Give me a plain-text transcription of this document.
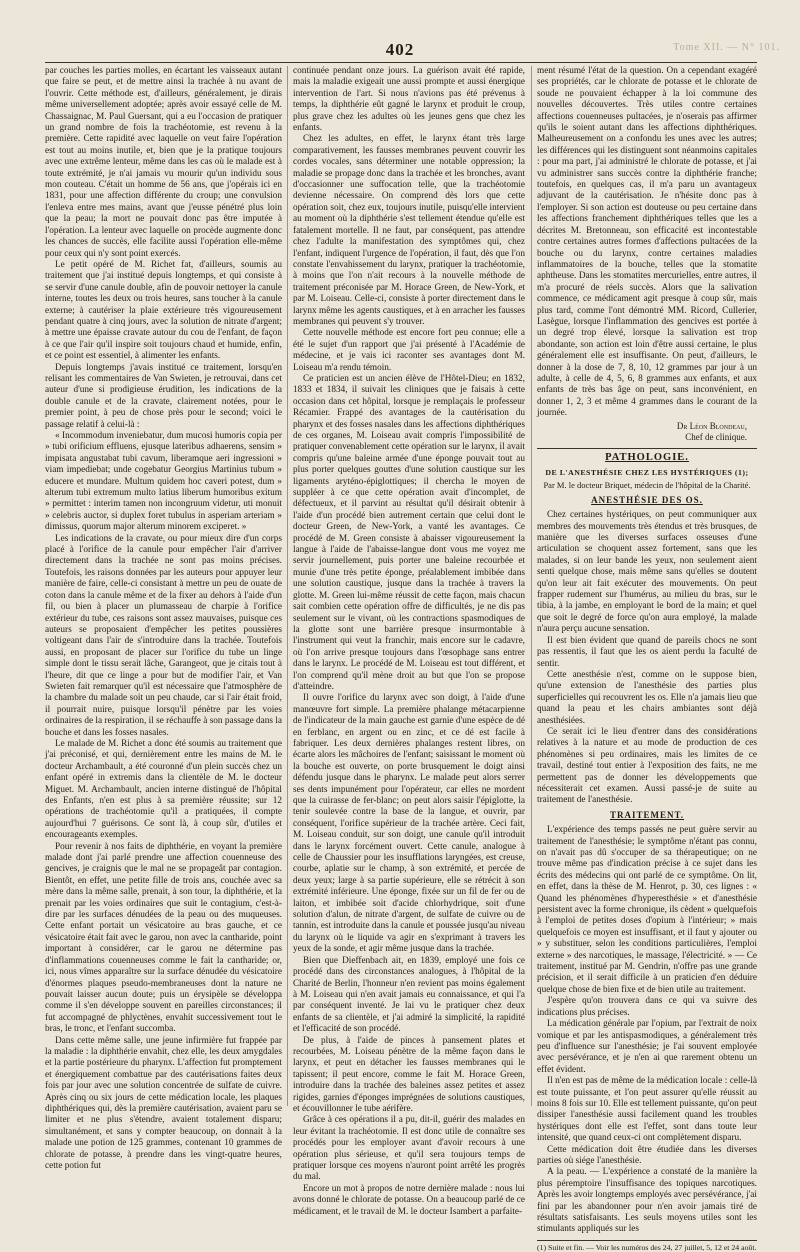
402	Tome XII. — N° 101.

par couches les parties molles, en écartant les vaisseaux autant que faire se peut, et de mettre ainsi la trachée à nu avant de l'ouvrir. Cette méthode est, d'ailleurs, généralement, je dirais même universellement adoptée; après avoir essayé celle de M. Chassaignac, M. Paul Guersant, qui a eu l'occasion de pratiquer un grand nombre de fois la trachéotomie, est revenu à la première. Cette rapidité avec laquelle on veut faire l'opération est tout au moins inutile, et, bien que je la pratique toujours avec une extrême lenteur, même dans les cas où le malade est à toute extrémité, je n'ai jamais vu mourir qu'un individu sous mon couteau. C'était un homme de 56 ans, que j'opérais ici en 1831, pour une affection différente du croup; une convulsion l'enleva entre mes mains, avant que j'eusse pénétré plus loin que la peau; la mort ne pouvait donc pas être imputée à l'opération. La lenteur avec laquelle on procède augmente donc les chances de succès, elle facilite aussi l'opération elle-même pour ceux qui n'y sont point exercés.

Le petit opéré de M. Richet fat, d'ailleurs, soumis au traitement que j'ai institué depuis longtemps, et qui consiste à se servir d'une canule double, afin de pouvoir nettoyer la canule interne, toutes les deux ou trois heures, sans toucher à la canule externe; à cautériser la plaie extérieure très vigoureusement pendant quatre à cinq jours, avec la solution de nitrate d'argent; à mettre une épaisse cravate autour du cou de l'enfant, de façon à ce que l'air qu'il inspire soit toujours chaud et humide, enfin, et ce point est essentiel, à alimenter les enfants.

Depuis longtemps j'avais institué ce traitement, lorsqu'en relisant les commentaires de Van Swieten, je retrouvai, dans cet auteur d'une si prodigieuse érudition, les indications de la double canule et de la cravate, clairement notées, pour le premier point, à peu de chose près pour le second; voici le passage relatif à celui-là :

« Incommodum inveniebatur, dum mucosi humoris copia per » tubi orificium effluens, ejusque lateribus adhaerens, sensim » impisata angustabat tubi cavum, liberamque aeri ingressioni » viam impediebat; unde cogebatur Georgius Martinius tubum » educere et mundare. Multum quidem hoc caveri potest, dum » alterum tubi extremum multo latius liberum humoribus exitum » permittet : interim tamen non incongruum videtur, uti monuit » celebris auctor, si duplex foret tubulus in asperiam arteriam » dimissus, quorum major alterum minorem exciperet. »

Les indications de la cravate, ou pour mieux dire d'un corps placé à l'orifice de la canule pour empêcher l'air d'arriver directement dans la trachée ne sont pas moins précises. Toutefois, les raisons données par les auteurs pour appuyer leur manière de faire, celle-ci consistant à mettre un peu de ouate de coton dans la canule même et de la fixer au dehors à l'aide d'un fil, ou bien à placer un plumasseau de charpie à l'orifice extérieur du tube, ces raisons sont assez mauvaises, puisque ces auteurs se proposaient d'empêcher les petites poussières voltigeant dans l'air de s'introduire dans la trachée. Toutefois aussi, en proposant de placer sur l'orifice du tube un linge simple dont le tissu serait lâche, Garangeot, que je citais tout à l'heure, dit que ce linge a pour but de modifier l'air, et Van Swieten fait remarquer qu'il est nécessaire que l'atmosphère de la chambre du malade soit un peu chaude, car si l'air était froid, il pourrait nuire, puisque lorsqu'il pénètre par les voies ordinaires de la respiration, il se réchauffe à son passage dans la bouche et dans les fosses nasales.

Le malade de M. Richet a donc été soumis au traitement que j'ai préconisé, et qui, dernièrement entre les mains de M. le docteur Archambault, a été couronné d'un plein succès chez un enfant opéré in extremis dans la clientèle de M. le docteur Miguet. M. Archambault, ancien interne distingué de l'hôpital des Enfants, n'en est plus à sa première réussite; sur 12 opérations de trachéotomie qu'il a pratiquées, il compte aujourd'hui 7 guérisons. Ce sont là, à coup sûr, d'utiles et encourageants exemples.

Pour revenir à nos faits de diphthérie, en voyant la première malade dont j'ai parlé prendre une affection couenneuse des gencives, je craignis que le mal ne se propageât par contagion. Bientôt, en effet, une petite fille de trois ans, couchée avec sa mère dans la même salle, prenait, à son tour, la diphthérie, et la prenait par les voies ordinaires que suit le contagium, c'est-à-dire par les surfaces dénudées de la peau ou des muqueuses. Cette enfant portait un vésicatoire au bras gauche, et ce vésicatoire était fait avec le garou, non avec la cantharide, point important à considérer, car le garou ne détermine pas d'inflammations couenneuses comme le fait la cantharide; or, ici, nous vîmes apparaître sur la surface dénudée du vésicatoire d'énormes plaques pseudo-membraneuses dont la nature ne pouvait laisser aucun doute; puis un érysipèle se développa comme il s'en développe souvent en pareilles circonstances; il fut accompagné de phlyctènes, envahit successivement tout le bras, le tronc, et l'enfant succomba.

Dans cette même salle, une jeune infirmière fut frappée par la maladie : la diphthérie envahit, chez elle, les deux amygdales et la partie postérieure du pharynx. L'affection fut promptement et énergiquement combattue par des cautérisations faites deux fois par jour avec une solution concentrée de sulfate de cuivre. Après cinq ou six jours de cette médication locale, les plaques diphthériques qui, dès la première cautérisation, avaient paru se limiter et ne plus s'étendre, avaient totalement disparu; simultanément, et sans y compter beaucoup, on donnait à la malade une potion de 125 grammes, contenant 10 grammes de chlorate de potasse, à prendre dans les vingt-quatre heures, cette potion fut

continuée pendant onze jours. La guérison avait été rapide, mais la maladie exigeait une aussi prompte et aussi énergique intervention de l'art. Si nous n'avions pas été prévenus à temps, la diphthérie eût gagné le larynx et produit le croup, plus grave chez les adultes où les jeunes gens que chez les enfants.

Chez les adultes, en effet, le larynx étant très large comparativement, les fausses membranes peuvent couvrir les cordes vocales, sans déterminer une notable oppression; la maladie se propage donc dans la trachée et les bronches, avant d'occasionner une suffocation telle, que la trachéotomie devienne nécessaire. On comprend dès lors que cette opération soit, chez eux, toujours inutile, puisqu'elle intervient au moment où la diphthérie s'est tellement étendue qu'elle est fatalement mortelle. Il ne faut, par conséquent, pas attendre chez l'adulte la manifestation des symptômes qui, chez l'enfant, indiquent l'urgence de l'opération, il faut, dès que l'on constate l'envahissement du larynx, pratiquer la trachéotomie, à moins que l'on n'ait recours à la nouvelle méthode de traitement préconisée par M. Horace Green, de New-York, et par M. Loiseau. Celle-ci, consiste à porter directement dans le larynx même les agents caustiques, et à en arracher les fausses membranes qui peuvent s'y trouver.

Cette nouvelle méthode est encore fort peu connue; elle a été le sujet d'un rapport que j'ai présenté à l'Académie de médecine, et je vais ici raconter ses avantages dont M. Loiseau m'a rendu témoin.

Ce praticien est un ancien élève de l'Hôtel-Dieu; en 1832, 1833 et 1834, il suivait les cliniques que je faisais à cette occasion dans cet hôpital, lorsque je remplaçais le professeur Récamier. Frappé des avantages de la cautérisation du pharynx et des fosses nasales dans les affections diphthériques de ces organes, M. Loiseau avait compris l'impossibilité de pratiquer convenablement cette opération sur le larynx, il avait compris qu'une baleine armée d'une éponge pouvait tout au plus porter quelques gouttes d'une solution caustique sur les ligaments aryténo-épiglottiques; il chercha le moyen de suppléer à ce que cette opération avait d'incomplet, de défectueux, et il parvint au résultat qu'il désirait obtenir à l'aide d'un procédé bien autrement certain que celui dont le docteur Green, de New-York, a vanté les avantages. Ce procédé de M. Green consiste à abaisser vigoureusement la langue à l'aide de l'abaisse-langue dont vous me voyez me servir journellement, puis porter une baleine recourbée et munie d'une très petite éponge, préalablement imbibée dans une solution caustique, jusque dans la trachée à travers la glotte. M. Green lui-même réussit de cette façon, mais chacun sait combien cette opération offre de difficultés, je ne dis pas seulement sur le vivant, où les contractions spasmodiques de la glotte sont une barrière presque insurmontable à l'instrument qui veut la franchir, mais encore sur le cadavre, où l'on arrive presque toujours dans l'œsophage sans entrer dans le larynx. Le procédé de M. Loiseau est tout différent, et l'on comprend qu'il mène droit au but que l'on se propose d'atteindre.

Il ouvre l'orifice du larynx avec son doigt, à l'aide d'une manœuvre fort simple. La première phalange métacarpienne de l'indicateur de la main gauche est garnie d'une espèce de dé en ferblanc, en argent ou en zinc, et ce dé est facile à fabriquer. Les deux dernières phalanges restent libres, on écarte alors les mâchoires de l'enfant; saisissant le moment où la bouche est ouverte, on porte brusquement le doigt ainsi défendu jusque dans le pharynx. Le malade peut alors serrer ses dents impunément pour l'opérateur, car elles ne mordent que la cuirasse de fer-blanc; on peut alors saisir l'épiglotte, la tenir soulevée contre la base de la langue, et ouvrir, par conséquent, l'orifice supérieur de la trachée artère. Ceci fait, M. Loiseau conduit, sur son doigt, une canule qu'il introduit dans le larynx forcément ouvert. Cette canule, analogue à celle de Chaussier pour les insufflations laryngées, est creuse, courbe, aplatie sur le champ, à son extrémité, et percée de deux yeux; large à sa partie supérieure, elle se rétrécit à son extrémité inférieure. Une éponge, fixée sur un fil de fer ou de laiton, et imbibée soit d'acide chlorhydrique, soit d'une solution d'alun, de nitrate d'argent, de sulfate de cuivre ou de tannin, est introduite dans la canule et poussée jusqu'au niveau du larynx où le liquide va agir en s'exprimant à travers les yeux de la sonde, et agir même jusque dans la trachée.

Bien que Dieffenbach ait, en 1839, employé une fois ce procédé dans des circonstances analogues, à l'hôpital de la Charité de Berlin, l'honneur n'en revient pas moins également à M. Loiseau qui n'en avait jamais eu connaissance, et qui l'a par conséquent inventé. Je lai vu le pratiquer chez deux enfants de sa clientèle, et j'ai admiré la simplicité, la rapidité et l'efficacité de son procédé.

De plus, à l'aide de pinces à pansement plates et recourbées, M. Loiseau pénètre de la même façon dans le larynx, et peut en détacher les fausses membranes qui le tapissent; il peut encore, comme le fait M. Horace Green, introduire dans la trachée des baleines assez petites et assez rigides, garnies d'éponges imprégnées de solutions caustiques, et écouvillonner le tube aérifère.

Grâce à ces opérations il a pu, dit-il, guérir des malades en leur évitant la trachéotomie. Il est donc utile de connaître ses procédés pour les employer avant d'avoir recours à une opération plus sérieuse, et qu'il sera toujours temps de pratiquer lorsque ces moyens n'auront point arrêté les progrès du mal.

Encore un mot à propos de notre dernière malade : nous lui avons donné le chlorate de potasse. On a beaucoup parlé de ce médicament, et le travail de M. le docteur Isambert a parfaite-

ment résumé l'état de la question. On a cependant exagéré ses propriétés, car le chlorate de potasse et le chlorate de soude ne pouvaient échapper à la loi commune des nouvelles découvertes. Très utiles contre certaines affections couenneuses pultacées, je n'oserais pas affirmer qu'ils le soient autant dans les affections diphthériques. Malheureusement on a confondu les unes avec les autres; les différences qui les distinguent sont néanmoins capitales : pour ma part, j'ai administré le chlorate de potasse, et j'ai vu administrer sans succès contre la diphthérie franche; toutefois, en quelques cas, il m'a paru un avantageux adjuvant de la cautérisation. Je n'hésite donc pas à l'employer. Si son action est douteuse ou peu certaine dans les affections franchement diphthériques telles que les a décrites M. Bretonneau, son efficacité est incontestable contre certaines autres formes d'affections pultacées de la bouche ou du larynx, contre certaines maladies inflammatoires de la bouche, telles que la stomatite aphtheuse. Dans les stomatites mercurielles, entre autres, il m'a procuré de réels succès. Alors que la salivation commence, ce médicament agit presque à coup sûr, mais plus tard, comme l'ont démontré MM. Ricord, Cullerier, Lasègue, lorsque l'inflammation des gencives est portée à un degré trop élevé, lorsque la salivation est trop abondante, son action est loin d'être aussi certaine, le plus généralement elle est insuffisante. On peut, d'ailleurs, le donner à la dose de 7, 8, 10, 12 grammes par jour à un adulte, à celle de 4, 5, 6, 8 grammes aux enfants, et aux enfants de très bas âge on peut, sans inconvénient, en donner 1, 2, 3 et même 4 grammes dans le courant de la journée.

Dr Léon Blondeau,
Chef de clinique.
PATHOLOGIE.
DE L'ANESTHÉSIE CHEZ LES HYSTÉRIQUES (1);
Par M. le docteur Briquet, médecin de l'hôpital de la Charité.
ANESTHÉSIE DES OS.

Chez certaines hystériques, on peut communiquer aux membres des mouvements très étendus et très brusques, de manière que les diverses surfaces osseuses d'une articulation se choquent assez fortement, sans que les malades, si on leur bande les yeux, non seulement aient senti quelque chose, mais même sans qu'elles se doutent qu'on leur ait fait exécuter des mouvements. On peut frapper rudement sur l'humérus, au milieu du bras, sur le tibia, à la jambe, en employant le bord de la main; et quel que soit le degré de force qu'on aura employé, la malade n'aura perçu aucune sensation.

Il est bien évident que quand de pareils chocs ne sont pas ressentis, il faut que les os aient perdu la faculté de sentir.

Cette anesthésie n'est, comme on le suppose bien, qu'une extension de l'anesthésie des parties plus superficielles qui recouvrent les os. Elle n'a jamais lieu que quand la peau et les chairs ambiantes sont déjà anesthésiées.

Ce serait ici le lieu d'entrer dans des considérations relatives à la nature et au mode de production de ces phénomènes si peu ordinaires, mais les limites de ce travail, destiné tout entier à l'exposition des faits, ne me permettent pas de donner les développements que nécessiterait cet examen. Aussi passé-je de suite au traitement de l'anesthésie.

TRAITEMENT.

L'expérience des temps passés ne peut guère servir au traitement de l'anesthésie; le symptôme n'étant pas connu, on n'avait pas dû s'occuper de sa thérapeutique; on ne trouve même pas d'indication précise à ce sujet dans les écrits des médecins qui ont parlé de ce symptôme. On lit, en effet, dans la thèse de M. Henrot, p. 30, ces lignes : « Quand les phénomènes d'hyperesthésie » et d'anesthésie persistent avec la forme chronique, ils cèdent » quelquefois à l'emploi de petites doses d'opium à l'intérieur; » mais quelquefois ce moyen est insuffisant, et il faut y ajouter ou » y substituer, selon les conditions particulières, l'emploi externe » des narcotiques, le massage, l'électricité. » — Ce traitement, institué par M. Gendrin, n'offre pas une grande précision, et il serait difficile à un praticien d'en déduire quelque chose de bien fixe et de bien utile au traitement.

J'espère qu'on trouvera dans ce qui va suivre des indications plus précises.

La médication générale par l'opium, par l'extrait de noix vomique et par les antispasmodiques, a généralement très peu d'influence sur l'anesthésie; je l'ai souvent employée avec persévérance, et je n'en ai que rarement obtenu un effet évident.

Il n'en est pas de même de la médication locale : celle-là est toute puissante, et l'on peut assurer qu'elle réussit au moins 8 fois sur 10. Elle est tellement puissante, qu'on peut dissiper l'anesthésie aussi facilement quand les troubles hystériques dont elle est l'effet, sont dans toute leur intensité, que quand ceux-ci ont complètement disparu.

Cette médication doit être étudiée dans les diverses parties où siége l'anesthésie.

A la peau. — L'expérience a constaté de la manière la plus péremptoire l'insuffisance des topiques narcotiques. Après les avoir longtemps employés avec persévérance, j'ai fini par les abandonner pour n'en avoir jamais tiré de résultats satisfaisants. Les seuls moyens utiles sont les stimulants appliqués sur les

(1) Suite et fin. — Voir les numéros des 24, 27 juillet, 5, 12 et 24 août.
